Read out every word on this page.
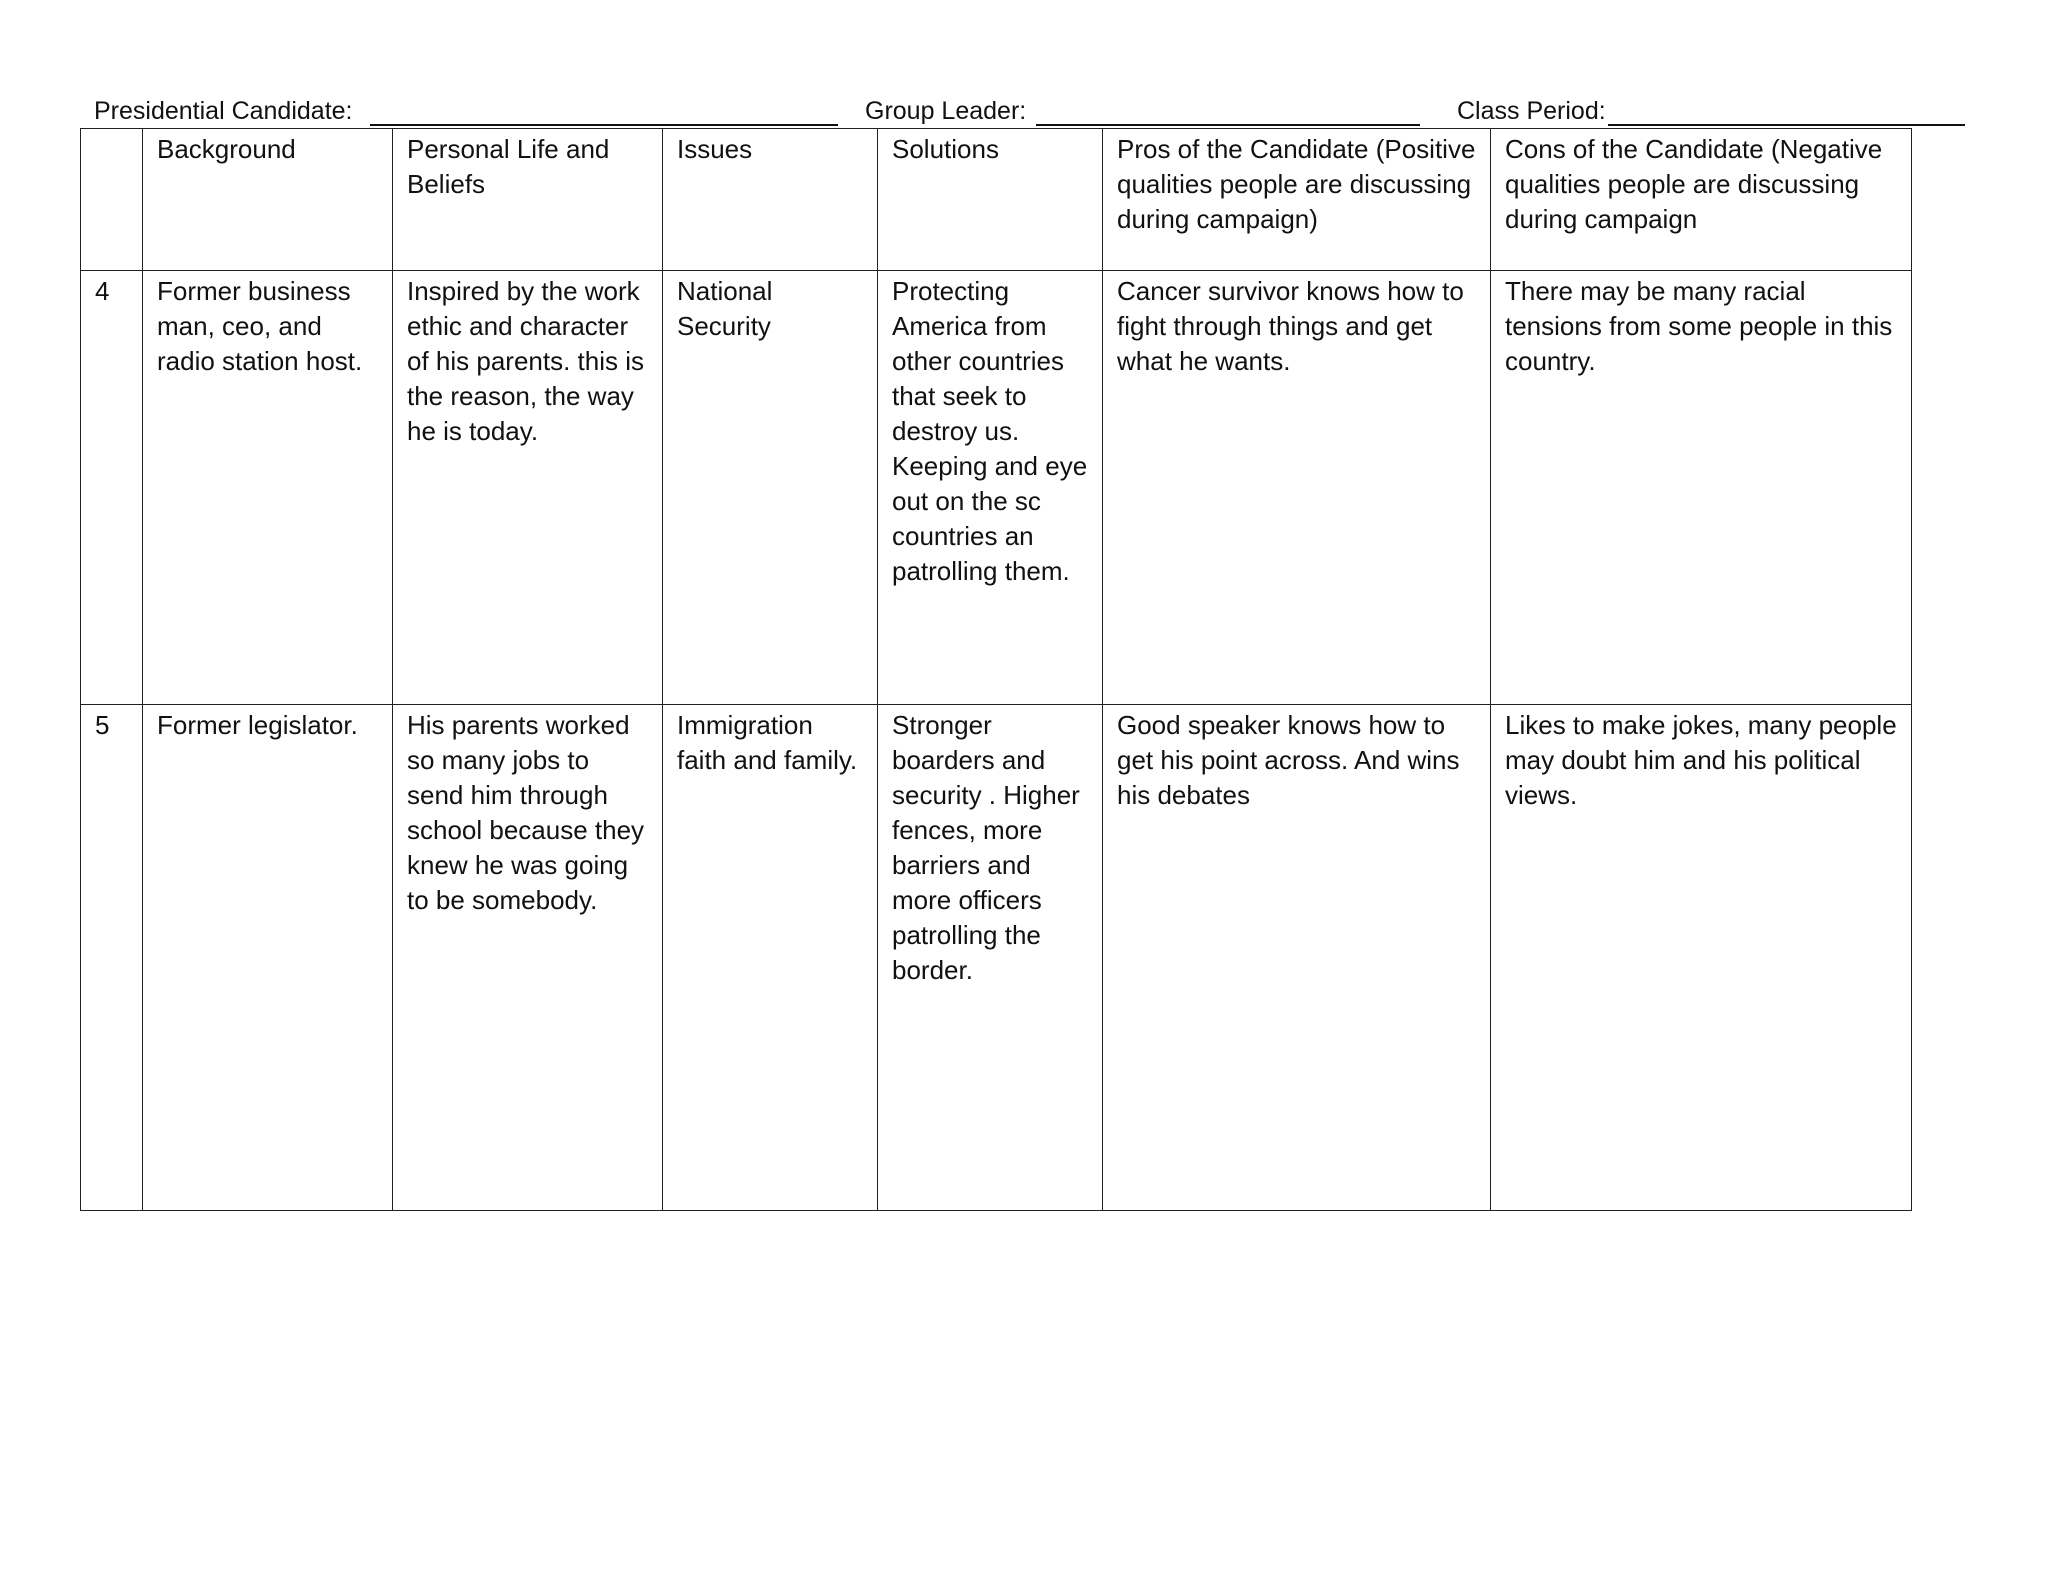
Presidential Candidate:	Group Leader:	Class Period:
	Background	Personal Life and Beliefs	Issues	Solutions	Pros of the Candidate (Positive qualities people are discussing during campaign)	Cons of the Candidate (Negative qualities people are discussing during campaign
4	Former business man, ceo, and radio station host.	Inspired by the work ethic and character of his parents. this is the reason, the way he is today.	National Security	Protecting America from other countries that seek to destroy us. Keeping and eye out on the sc countries an patrolling them.	Cancer survivor knows how to fight through things and get what he wants.	There may be many racial tensions from some people in this country.
5	Former legislator.	His parents worked so many jobs to send him through school because they knew he was going to be somebody.	Immigration faith and family.	Stronger boarders and security . Higher fences, more barriers and more officers patrolling the border.	Good speaker knows how to get his point across. And wins his debates	Likes to make jokes, many people may doubt him and his political views.
